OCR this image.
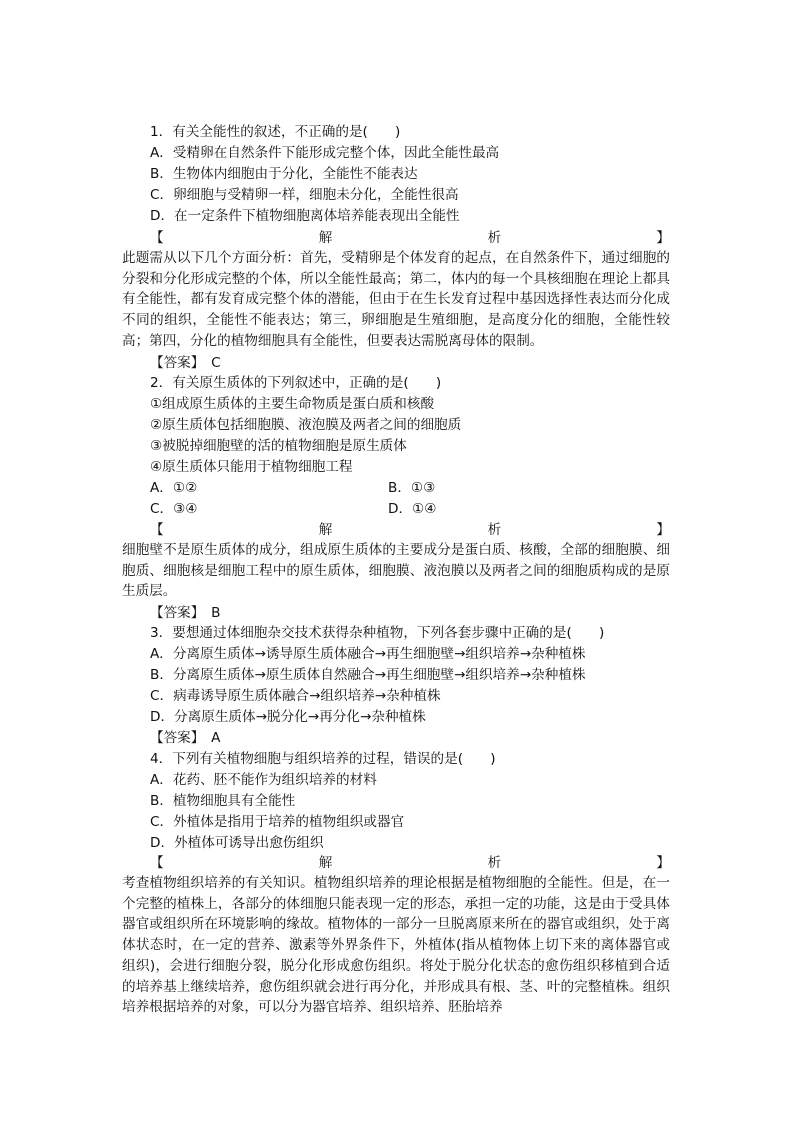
1．有关全能性的叙述，不正确的是(　　)
A．受精卵在自然条件下能形成完整个体，因此全能性最高
B．生物体内细胞由于分化，全能性不能表达
C．卵细胞与受精卵一样，细胞未分化，全能性很高
D．在一定条件下植物细胞离体培养能表现出全能性
【	解	析	】
此题需从以下几个方面分析：首先，受精卵是个体发育的起点，在自然条件下，通过细胞的分裂和分化形成完整的个体，所以全能性最高；第二，体内的每一个具核细胞在理论上都具有全能性，都有发育成完整个体的潜能，但由于在生长发育过程中基因选择性表达而分化成不同的组织，全能性不能表达；第三，卵细胞是生殖细胞，是高度分化的细胞，全能性较高；第四，分化的植物细胞具有全能性，但要表达需脱离母体的限制。
【答案】　C
2．有关原生质体的下列叙述中，正确的是(　　)
①组成原生质体的主要生命物质是蛋白质和核酸
②原生质体包括细胞膜、液泡膜及两者之间的细胞质
③被脱掉细胞壁的活的植物细胞是原生质体
④原生质体只能用于植物细胞工程
A．①②	B．①③
C．③④	D．①④
【	解	析	】
细胞壁不是原生质体的成分，组成原生质体的主要成分是蛋白质、核酸，全部的细胞膜、细胞质、细胞核是细胞工程中的原生质体，细胞膜、液泡膜以及两者之间的细胞质构成的是原生质层。
【答案】　B
3．要想通过体细胞杂交技术获得杂种植物，下列各套步骤中正确的是(　　)
A．分离原生质体→诱导原生质体融合→再生细胞壁→组织培养→杂种植株
B．分离原生质体→原生质体自然融合→再生细胞壁→组织培养→杂种植株
C．病毒诱导原生质体融合→组织培养→杂种植株
D．分离原生质体→脱分化→再分化→杂种植株
【答案】　A
4．下列有关植物细胞与组织培养的过程，错误的是(　　)
A．花药、胚不能作为组织培养的材料
B．植物细胞具有全能性
C．外植体是指用于培养的植物组织或器官
D．外植体可诱导出愈伤组织
【	解	析	】
考查植物组织培养的有关知识。植物组织培养的理论根据是植物细胞的全能性。但是，在一个完整的植株上，各部分的体细胞只能表现一定的形态，承担一定的功能，这是由于受具体器官或组织所在环境影响的缘故。植物体的一部分一旦脱离原来所在的器官或组织，处于离体状态时，在一定的营养、激素等外界条件下，外植体(指从植物体上切下来的离体器官或组织)，会进行细胞分裂，脱分化形成愈伤组织。将处于脱分化状态的愈伤组织移植到合适的培养基上继续培养，愈伤组织就会进行再分化，并形成具有根、茎、叶的完整植株。组织培养根据培养的对象，可以分为器官培养、组织培养、胚胎培养
